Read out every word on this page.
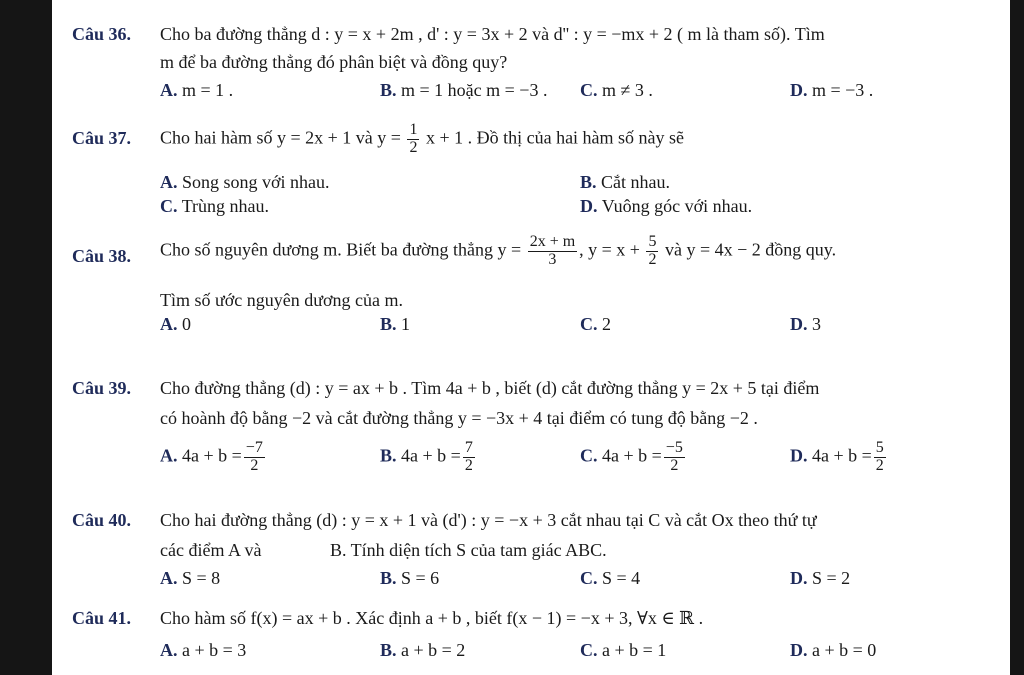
Câu 36. Cho ba đường thẳng d : y = x + 2m , d' : y = 3x + 2 và d'' : y = −mx + 2 ( m là tham số). Tìm
m để ba đường thẳng đó phân biệt và đồng quy?
A. m = 1 .	B. m = 1 hoặc m = −3 . C. m ≠ 3 .	D. m = −3 .
Câu 37. Cho hai hàm số y = 2x + 1 và $y = \frac{1}{2}$ x + 1 . Đồ thị của hai hàm số này sẽ
A. Song song với nhau.	B. Cắt nhau.
C. Trùng nhau.	D. Vuông góc với nhau.
Câu 38. Cho số nguyên dương m. Biết ba đường thẳng $y = \frac{2x + m}{3}$ , $y = x + \frac{5}{2}$ và y = 4x − 2 đồng quy.
Tìm số ước nguyên dương của m.
A. 0	B. 1	C. 2	D. 3
Câu 39. Cho đường thẳng (d) : y = ax + b . Tìm 4a + b , biết (d) cắt đường thẳng y = 2x + 5 tại điểm
có hoành độ bằng −2 và cắt đường thẳng y = −3x + 4 tại điểm có tung độ bằng −2 .
A. $4a + b = \frac{-7}{2}$	B. $4a + b = \frac{7}{2}$	C. $4a + b = \frac{-5}{2}$	D. $4a + b = \frac{5}{2}$
Câu 40. Cho hai đường thẳng (d) : y = x + 1 và (d') : y = −x + 3 cắt nhau tại C và cắt Ox theo thứ tự
các điểm A và	B. Tính diện tích S của tam giác ABC.
A. S = 8	B. S = 6	C. S = 4	D. S = 2
Câu 41. Cho hàm số f(x) = ax + b . Xác định a + b , biết f(x − 1) = −x + 3, ∀x ∈ ℝ .
A. a + b = 3	B. a + b = 2	C. a + b = 1	D. a + b = 0
